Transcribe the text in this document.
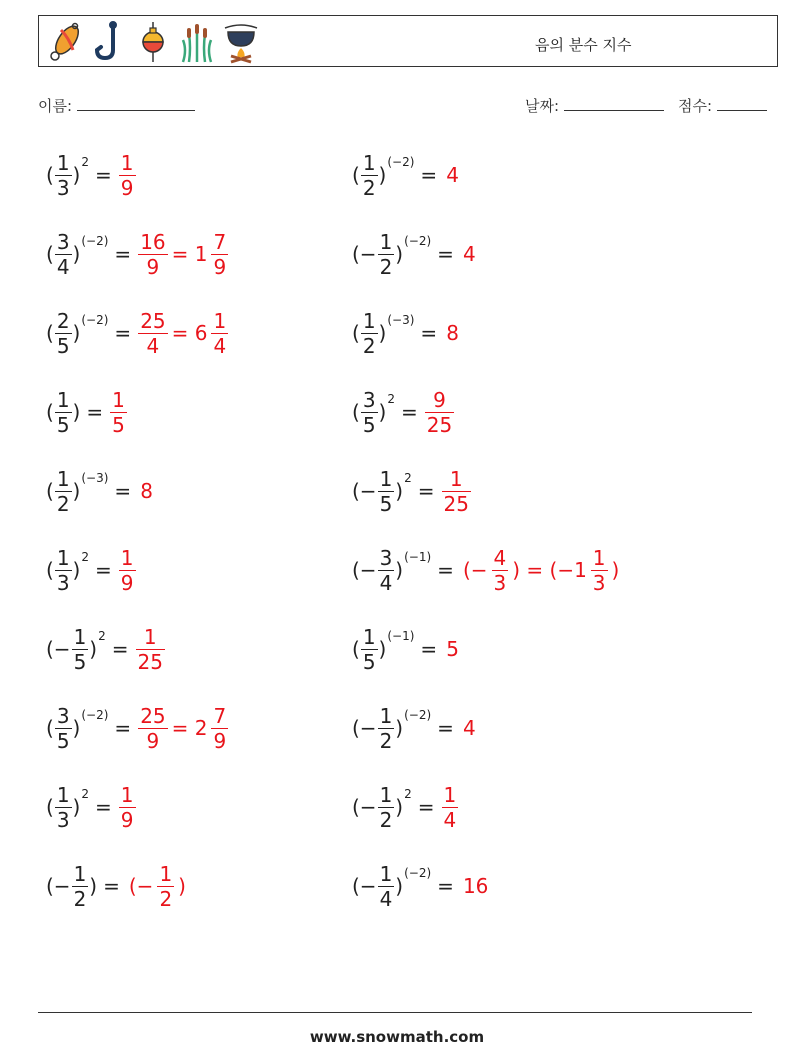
음의 분수 지수
이름:	날짜:	점수:
( $\frac{1}{3}$ )
2
= $\frac{1}{9}$	( $\frac{1}{2}$ )
(−2)
= 4
( $\frac{3}{4}$ )
(−2)
= $\frac{16}{9} = 1 \frac{7}{9}$	(− $\frac{1}{2}$ )
(−2)
= 4
( $\frac{2}{5}$ )
(−2)
= $\frac{25}{4} = 6 \frac{1}{4}$	( $\frac{1}{2}$ )
(−3)
= 8
( $\frac{1}{5}$ ) = $\frac{1}{5}$	( $\frac{3}{5}$ )
2
= $\frac{9}{25}$
( $\frac{1}{2}$ )
(−3)
= 8	(− $\frac{1}{5}$ )
2
= $\frac{1}{25}$
( $\frac{1}{3}$ )
2
= $\frac{1}{9}$	(− $\frac{3}{4}$ )
(−1)
= (− $\frac{4}{3}$ ) = ($-1 \frac{1}{3}$ )
(− $\frac{1}{5}$ )
2
= $\frac{1}{25}$	( $\frac{1}{5}$ )
(−1)
= 5
( $\frac{3}{5}$ )
(−2)
= $\frac{25}{9} = 2 \frac{7}{9}$	(− $\frac{1}{2}$ )
(−2)
= 4
( $\frac{1}{3}$ )
2
= $\frac{1}{9}$	(− $\frac{1}{2}$ )
2
= $\frac{1}{4}$
(− $\frac{1}{2}$ ) = (− $\frac{1}{2}$ )	(− $\frac{1}{4}$ )
(−2)
= 16
www.snowmath.com
